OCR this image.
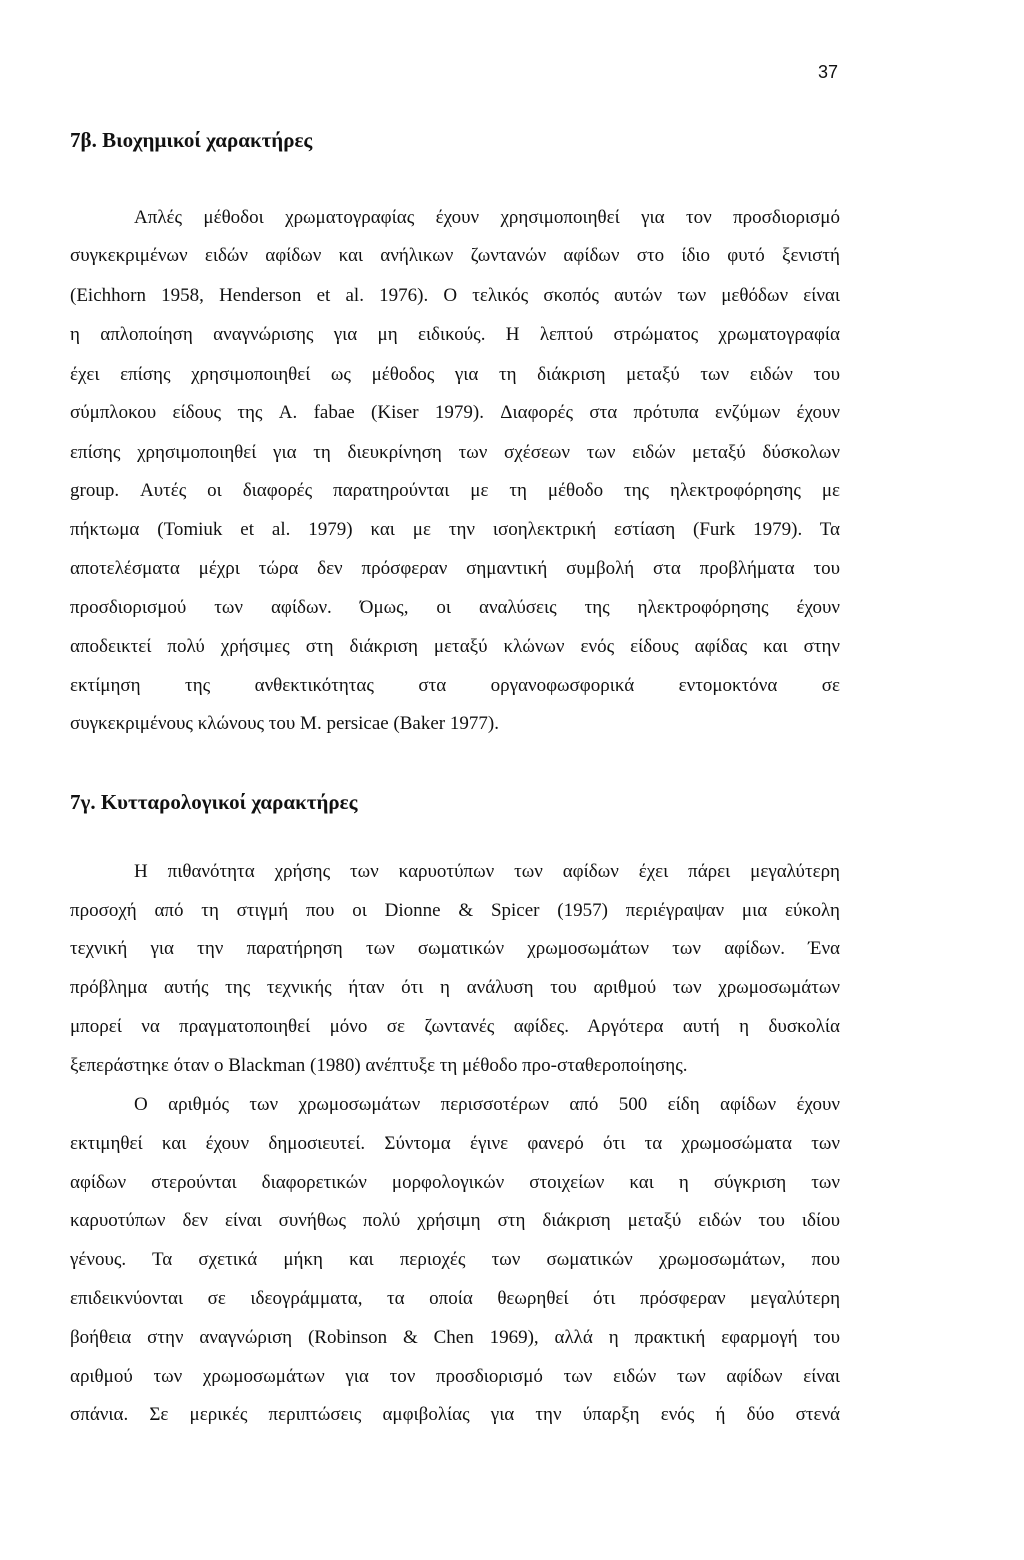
37
7β. Βιοχημικοί χαρακτήρες
Απλές μέθοδοι χρωματογραφίας έχουν χρησιμοποιηθεί για τον προσδιορισμό
συγκεκριμένων ειδών αφίδων και ανήλικων ζωντανών αφίδων στο ίδιο φυτό ξενιστή
(Eichhorn 1958, Henderson et al. 1976). Ο τελικός σκοπός αυτών των μεθόδων είναι
η απλοποίηση αναγνώρισης για μη ειδικούς. Η λεπτού στρώματος χρωματογραφία
έχει επίσης χρησιμοποιηθεί ως μέθοδος για τη διάκριση μεταξύ των ειδών του
σύμπλοκου είδους της A. fabae (Kiser 1979). Διαφορές στα πρότυπα ενζύμων έχουν
επίσης χρησιμοποιηθεί για τη διευκρίνηση των σχέσεων των ειδών μεταξύ δύσκολων
group. Αυτές οι διαφορές παρατηρούνται με τη μέθοδο της ηλεκτροφόρησης με
πήκτωμα (Tomiuk et al. 1979) και με την ισοηλεκτρική εστίαση (Furk 1979). Τα
αποτελέσματα μέχρι τώρα δεν πρόσφεραν σημαντική συμβολή στα προβλήματα του
προσδιορισμού των αφίδων. Όμως, οι αναλύσεις της ηλεκτροφόρησης έχουν
αποδεικτεί πολύ χρήσιμες στη διάκριση μεταξύ κλώνων ενός είδους αφίδας και στην
εκτίμηση της ανθεκτικότητας στα οργανοφωσφορικά εντομοκτόνα σε
συγκεκριμένους κλώνους του M. persicae (Baker 1977).
7γ. Κυτταρολογικοί χαρακτήρες
Η πιθανότητα χρήσης των καρυοτύπων των αφίδων έχει πάρει μεγαλύτερη
προσοχή από τη στιγμή που οι Dionne & Spicer (1957) περιέγραψαν μια εύκολη
τεχνική για την παρατήρηση των σωματικών χρωμοσωμάτων των αφίδων. Ένα
πρόβλημα αυτής της τεχνικής ήταν ότι η ανάλυση του αριθμού των χρωμοσωμάτων
μπορεί να πραγματοποιηθεί μόνο σε ζωντανές αφίδες. Αργότερα αυτή η δυσκολία
ξεπεράστηκε όταν ο Blackman (1980) ανέπτυξε τη μέθοδο προ-σταθεροποίησης.
Ο αριθμός των χρωμοσωμάτων περισσοτέρων από 500 είδη αφίδων έχουν
εκτιμηθεί και έχουν δημοσιευτεί. Σύντομα έγινε φανερό ότι τα χρωμοσώματα των
αφίδων στερούνται διαφορετικών μορφολογικών στοιχείων και η σύγκριση των
καρυοτύπων δεν είναι συνήθως πολύ χρήσιμη στη διάκριση μεταξύ ειδών του ιδίου
γένους. Τα σχετικά μήκη και περιοχές των σωματικών χρωμοσωμάτων, που
επιδεικνύονται σε ιδεογράμματα, τα οποία θεωρηθεί ότι πρόσφεραν μεγαλύτερη
βοήθεια στην αναγνώριση (Robinson & Chen 1969), αλλά η πρακτική εφαρμογή του
αριθμού των χρωμοσωμάτων για τον προσδιορισμό των ειδών των αφίδων είναι
σπάνια. Σε μερικές περιπτώσεις αμφιβολίας για την ύπαρξη ενός ή δύο στενά
